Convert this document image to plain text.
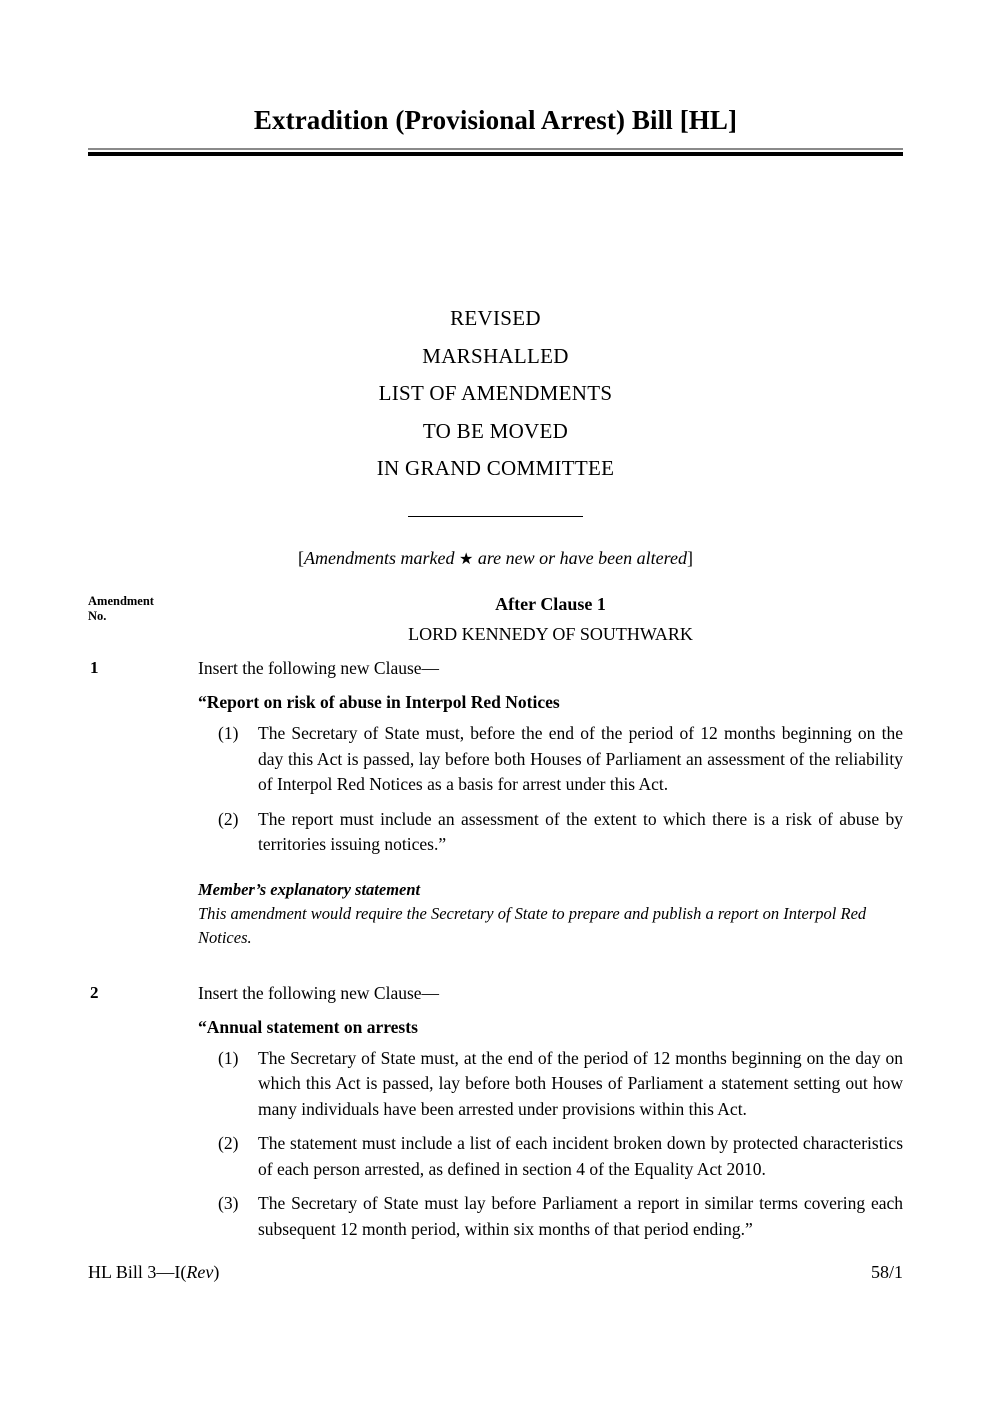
Extradition (Provisional Arrest) Bill [HL]
REVISED
MARSHALLED
LIST OF AMENDMENTS
TO BE MOVED
IN GRAND COMMITTEE
[Amendments marked ★ are new or have been altered]
Amendment
No.
After Clause 1
LORD KENNEDY OF SOUTHWARK
1	Insert the following new Clause—
“Report on risk of abuse in Interpol Red Notices
(1)	The Secretary of State must, before the end of the period of 12 months beginning on the day this Act is passed, lay before both Houses of Parliament an assessment of the reliability of Interpol Red Notices as a basis for arrest under this Act.
(2)	The report must include an assessment of the extent to which there is a risk of abuse by territories issuing notices.”
Member’s explanatory statement
This amendment would require the Secretary of State to prepare and publish a report on Interpol Red Notices.
2	Insert the following new Clause—
“Annual statement on arrests
(1)	The Secretary of State must, at the end of the period of 12 months beginning on the day on which this Act is passed, lay before both Houses of Parliament a statement setting out how many individuals have been arrested under provisions within this Act.
(2)	The statement must include a list of each incident broken down by protected characteristics of each person arrested, as defined in section 4 of the Equality Act 2010.
(3)	The Secretary of State must lay before Parliament a report in similar terms covering each subsequent 12 month period, within six months of that period ending.”
HL Bill 3—I(Rev)	58/1
